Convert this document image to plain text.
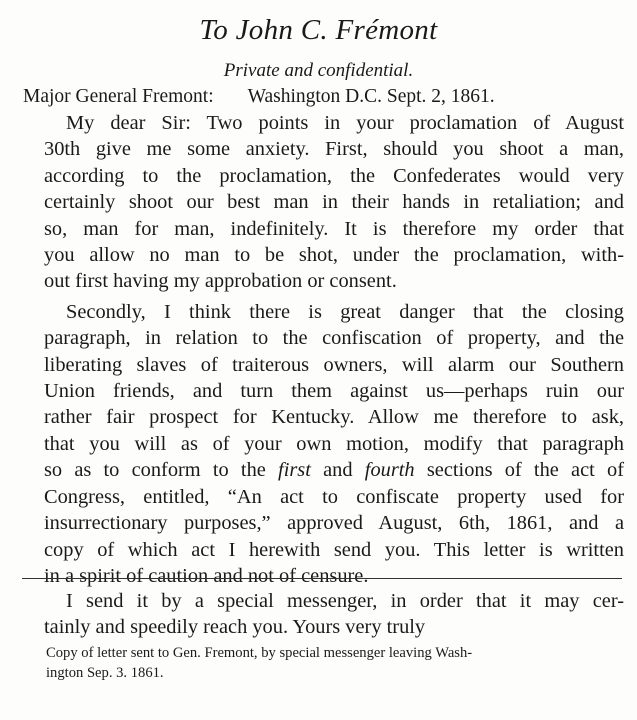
To John C. Frémont
Private and confidential.
Major General Fremont: Washington D.C. Sept. 2, 1861.

My dear Sir: Two points in your proclamation of August
30th give me some anxiety. First, should you shoot a man,
according to the proclamation, the Confederates would very
certainly shoot our best man in their hands in retaliation; and
so, man for man, indefinitely. It is therefore my order that
you allow no man to be shot, under the proclamation, with-
out first having my approbation or consent.

Secondly, I think there is great danger that the closing
paragraph, in relation to the confiscation of property, and the
liberating slaves of traiterous owners, will alarm our Southern
Union friends, and turn them against us—perhaps ruin our
rather fair prospect for Kentucky. Allow me therefore to ask,
that you will as of your own motion, modify that paragraph
so as to conform to the first and fourth sections of the act of
Congress, entitled, “An act to confiscate property used for
insurrectionary purposes,” approved August, 6th, 1861, and a
copy of which act I herewith send you. This letter is written
in a spirit of caution and not of censure.

I send it by a special messenger, in order that it may cer-
tainly and speedily reach you. Yours very truly

Copy of letter sent to Gen. Fremont, by special messenger leaving Wash-
ington Sep. 3. 1861.
